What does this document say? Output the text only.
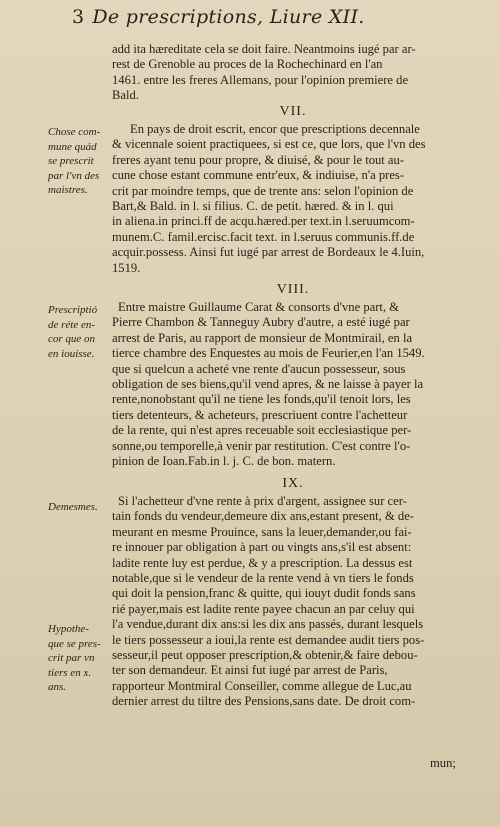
3 De prescriptions, Liure XII.
add ita hæreditate cela se doit faire. Neantmoins iugé par ar-
rest de Grenoble au proces de la Rochechinard en l'an
1461. entre les freres Allemans, pour l'opinion premiere de
Bald.
VII.
Chose com-
mune quád
se prescrit
par l'vn des
maistres.
En pays de droit escrit, encor que prescriptions decennale
& vicennale soient practiquees, si est ce, que lors, que l'vn des
freres ayant tenu pour propre, & diuisé, & pour le tout au-
cune chose estant commune entr'eux, & indiuise, n'a pres-
crit par moindre temps, que de trente ans: selon l'opinion de
Bart,& Bald. in l. si filius. C. de petit. hæred. & in l. qui
in aliena.in princi.ff de acqu.hæred.per text.in l.seruumcom-
munem.C. famil.ercisc.facit text. in l.seruus communis.ff.de
acquir.possess. Ainsi fut iugé par arrest de Bordeaux le 4.Iuin,
1519.
VIII.
Prescriptió
de réte en-
cor que on
en iouisse.
Entre maistre Guillaume Carat & consorts d'vne part, &
Pierre Chambon & Tanneguy Aubry d'autre, a esté iugé par
arrest de Paris, au rapport de monsieur de Montmirail, en la
tierce chambre des Enquestes au mois de Feurier,en l'an 1549.
que si quelcun a acheté vne rente d'aucun possesseur, sous
obligation de ses biens,qu'il vend apres, & ne laisse à payer la
rente,nonobstant qu'il ne tiene les fonds,qu'il tenoit lors, les
tiers detenteurs, & acheteurs, prescriuent contre l'achetteur
de la rente, qui n'est apres receuable soit ecclesiastique per-
sonne,ou temporelle,à venir par restitution. C'est contre l'o-
pinion de Ioan.Fab.in l. j. C. de bon. matern.
IX.
Demesmes.
Hypothe-
que se pres-
crit par vn
tiers en x.
ans.
Si l'achetteur d'vne rente à prix d'argent, assignee sur cer-
tain fonds du vendeur,demeure dix ans,estant present, & de-
meurant en mesme Prouince, sans la leuer,demander,ou fai-
re innouer par obligation à part ou vingts ans,s'il est absent:
ladite rente luy est perdue, & y a prescription. La dessus est
notable,que si le vendeur de la rente vend à vn tiers le fonds
qui doit la pension,franc & quitte, qui iouyt dudit fonds sans
rié payer,mais est ladite rente payee chacun an par celuy qui
l'a vendue,durant dix ans:si les dix ans passés, durant lesquels
le tiers possesseur a ioui,la rente est demandee audit tiers pos-
sesseur,il peut opposer prescription,& obtenir,& faire debou-
ter son demandeur. Et ainsi fut iugé par arrest de Paris,
rapporteur Montmiral Conseiller, comme allegue de Luc,au
dernier arrest du tiltre des Pensions,sans date. De droit com-
mun;
